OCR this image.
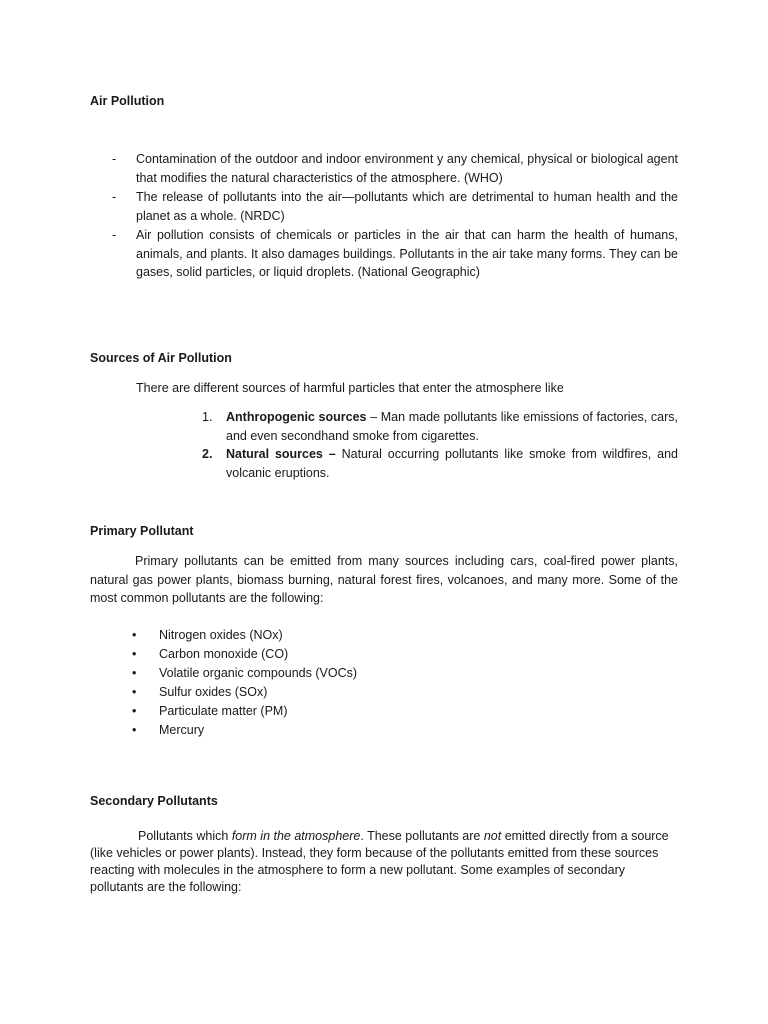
Air Pollution
- Contamination of the outdoor and indoor environment y any chemical, physical or biological agent that modifies the natural characteristics of the atmosphere. (WHO)
- The release of pollutants into the air—pollutants which are detrimental to human health and the planet as a whole. (NRDC)
- Air pollution consists of chemicals or particles in the air that can harm the health of humans, animals, and plants. It also damages buildings. Pollutants in the air take many forms. They can be gases, solid particles, or liquid droplets. (National Geographic)
Sources of Air Pollution
There are different sources of harmful particles that enter the atmosphere like
1. Anthropogenic sources – Man made pollutants like emissions of factories, cars, and even secondhand smoke from cigarettes.
2. Natural sources – Natural occurring pollutants like smoke from wildfires, and volcanic eruptions.
Primary Pollutant
Primary pollutants can be emitted from many sources including cars, coal-fired power plants, natural gas power plants, biomass burning, natural forest fires, volcanoes, and many more. Some of the most common pollutants are the following:
• Nitrogen oxides (NOx)
• Carbon monoxide (CO)
• Volatile organic compounds (VOCs)
• Sulfur oxides (SOx)
• Particulate matter (PM)
• Mercury
Secondary Pollutants
Pollutants which form in the atmosphere. These pollutants are not emitted directly from a source (like vehicles or power plants). Instead, they form because of the pollutants emitted from these sources reacting with molecules in the atmosphere to form a new pollutant. Some examples of secondary pollutants are the following:
